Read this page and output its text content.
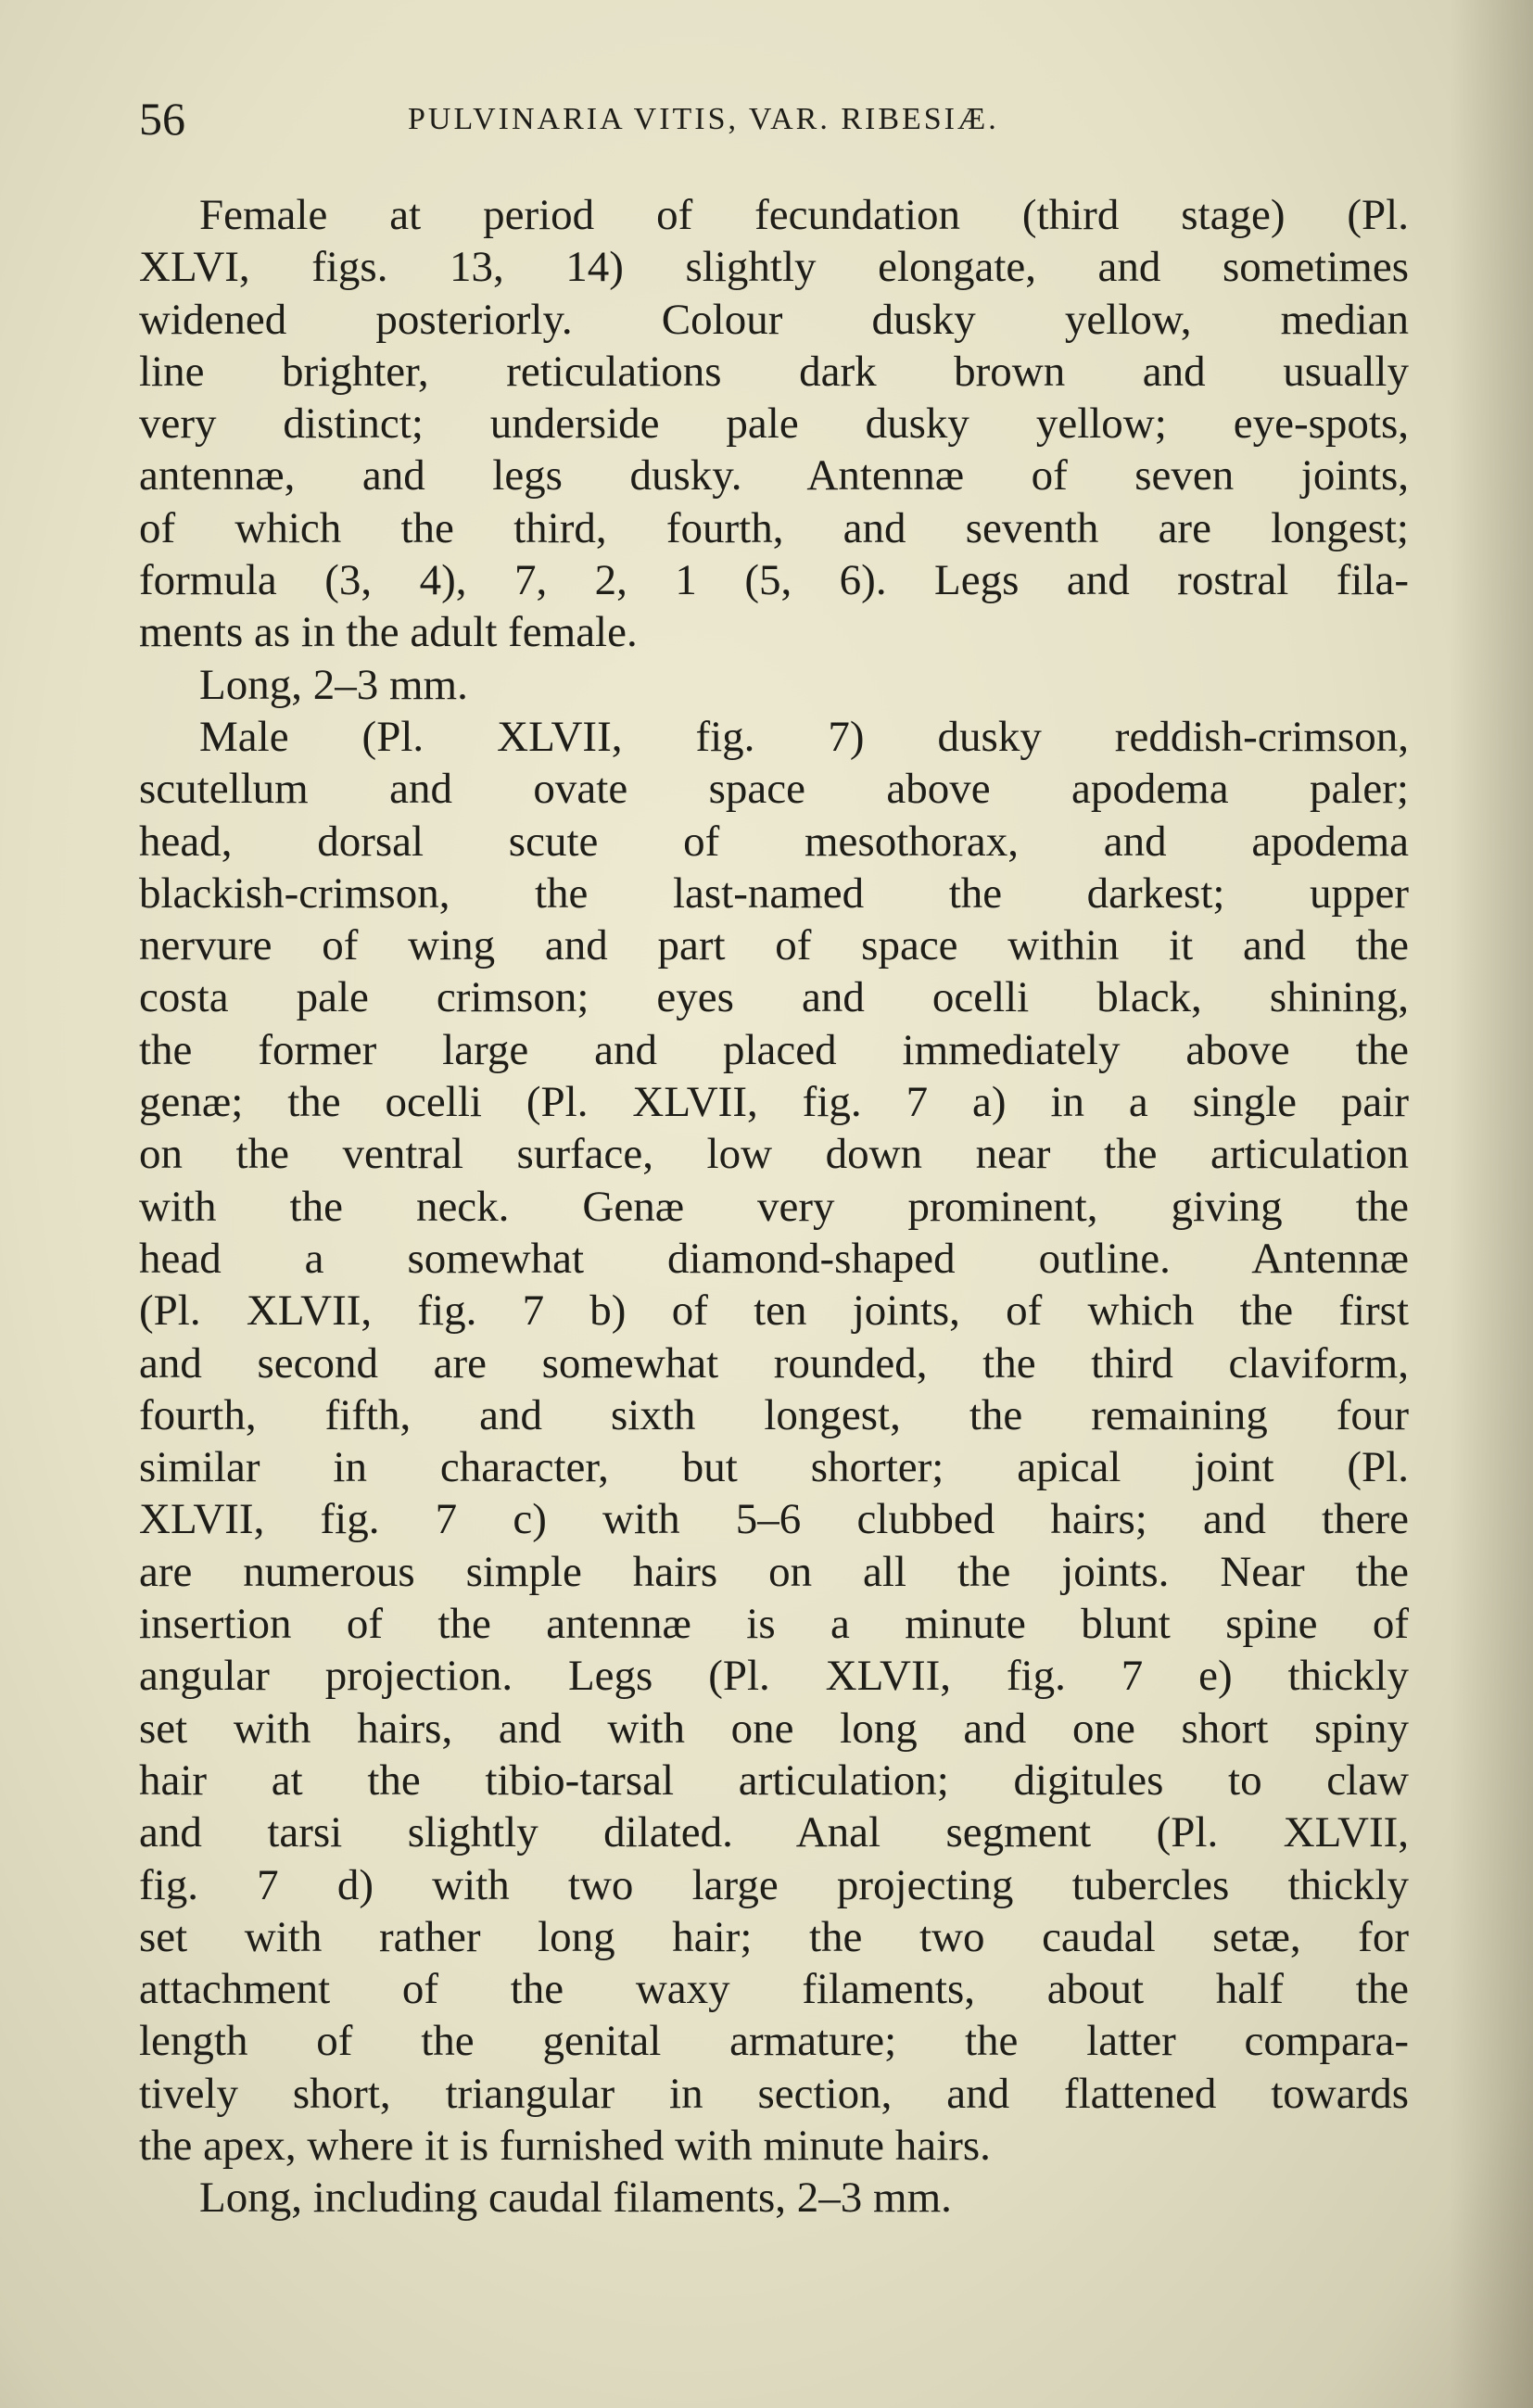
56	PULVINARIA VITIS, VAR. RIBESIÆ.
Female at period of fecundation (third stage) (Pl.
XLVI, figs. 13, 14) slightly elongate, and sometimes
widened posteriorly. Colour dusky yellow, median
line brighter, reticulations dark brown and usually
very distinct; underside pale dusky yellow; eye-spots,
antennæ, and legs dusky. Antennæ of seven joints,
of which the third, fourth, and seventh are longest;
formula (3, 4), 7, 2, 1 (5, 6). Legs and rostral fila-
ments as in the adult female.
Long, 2–3 mm.
Male (Pl. XLVII, fig. 7) dusky reddish-crimson,
scutellum and ovate space above apodema paler;
head, dorsal scute of mesothorax, and apodema
blackish-crimson, the last-named the darkest; upper
nervure of wing and part of space within it and the
costa pale crimson; eyes and ocelli black, shining,
the former large and placed immediately above the
genæ; the ocelli (Pl. XLVII, fig. 7 a) in a single pair
on the ventral surface, low down near the articulation
with the neck. Genæ very prominent, giving the
head a somewhat diamond-shaped outline. Antennæ
(Pl. XLVII, fig. 7 b) of ten joints, of which the first
and second are somewhat rounded, the third claviform,
fourth, fifth, and sixth longest, the remaining four
similar in character, but shorter; apical joint (Pl.
XLVII, fig. 7 c) with 5–6 clubbed hairs; and there
are numerous simple hairs on all the joints. Near the
insertion of the antennæ is a minute blunt spine of
angular projection. Legs (Pl. XLVII, fig. 7 e) thickly
set with hairs, and with one long and one short spiny
hair at the tibio-tarsal articulation; digitules to claw
and tarsi slightly dilated. Anal segment (Pl. XLVII,
fig. 7 d) with two large projecting tubercles thickly
set with rather long hair; the two caudal setæ, for
attachment of the waxy filaments, about half the
length of the genital armature; the latter compara-
tively short, triangular in section, and flattened towards
the apex, where it is furnished with minute hairs.
Long, including caudal filaments, 2–3 mm.
